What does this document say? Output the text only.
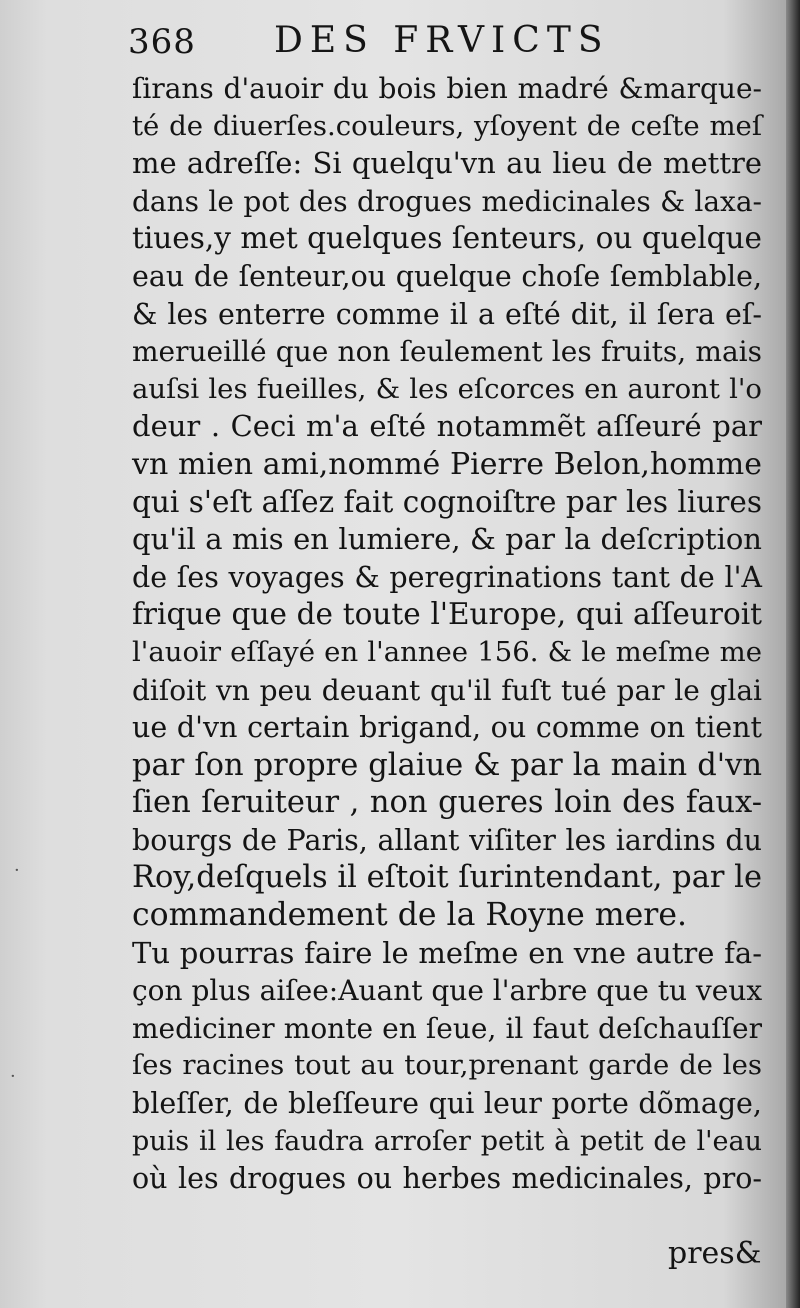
368 DES FRVICTS
ſirans d'auoir du bois bien madré &marque-
té de diuerſes.couleurs, yſoyent de ceſte meſ
me adreſſe: Si quelqu'vn au lieu de mettre
dans le pot des drogues medicinales & laxa-
tiues,y met quelques ſenteurs, ou quelque
eau de ſenteur,ou quelque choſe ſemblable,
& les enterre comme il a eſté dit, il ſera eſ-
merueillé que non ſeulement les fruits, mais
auſsi les fueilles, & les eſcorces en auront l'o
deur . Ceci m'a eſté notammẽt aſſeuré par
vn mien ami,nommé Pierre Belon,homme
qui s'eſt aſſez fait cognoiſtre par les liures
qu'il a mis en lumiere, & par la deſcription
de ſes voyages & peregrinations tant de l'A
frique que de toute l'Europe, qui aſſeuroit
l'auoir eſſayé en l'annee 156. & le meſme me
diſoit vn peu deuant qu'il fuſt tué par le glai
ue d'vn certain brigand, ou comme on tient
par ſon propre glaiue & par la main d'vn
ſien ſeruiteur , non gueres loin des faux-
bourgs de Paris, allant viſiter les iardins du
Roy,deſquels il eſtoit ſurintendant, par le
commandement de la Royne mere.
Tu pourras faire le meſme en vne autre fa-
çon plus aiſee:Auant que l'arbre que tu veux
mediciner monte en ſeue, il faut deſchauſſer
ſes racines tout au tour,prenant garde de les
bleſſer, de bleſſeure qui leur porte dõmage,
puis il les faudra arroſer petit à petit de l'eau
où les drogues ou herbes medicinales, pro-
pres&
·
·
